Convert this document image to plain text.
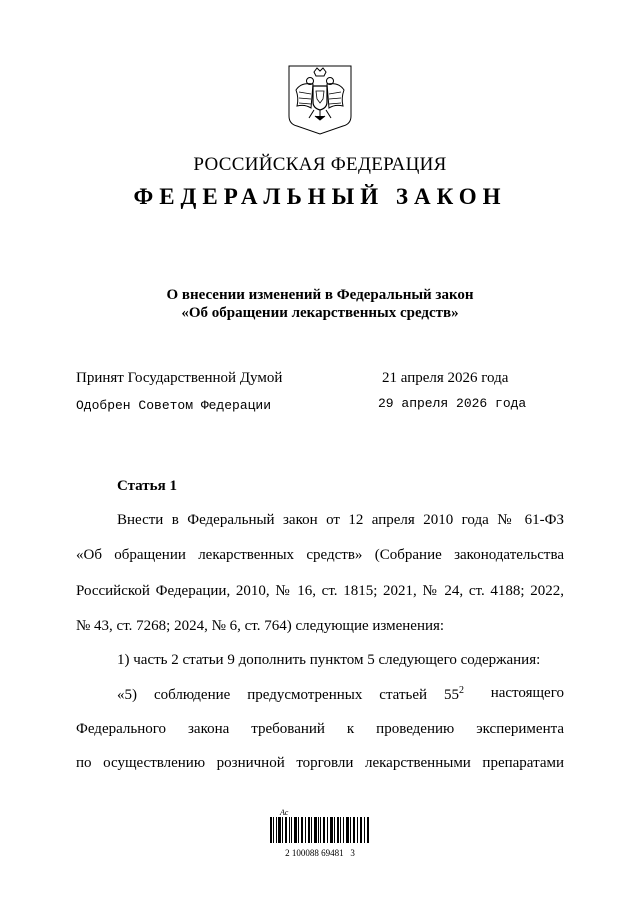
РОССИЙСКАЯ ФЕДЕРАЦИЯ
ФЕДЕРАЛЬНЫЙ ЗАКОН
О внесении изменений в Федеральный закон
«Об обращении лекарственных средств»
Принят Государственной Думой	21 апреля 2026 года
Одобрен Советом Федерации	29 апреля 2026 года
Статья 1
Внести в Федеральный закон от 12 апреля 2010 года № 61-ФЗ
«Об обращении лекарственных средств» (Собрание законодательства
Российской Федерации, 2010, № 16, ст. 1815; 2021, № 24, ст. 4188; 2022,
№ 43, ст. 7268; 2024, № 6, ст. 764) следующие изменения:
1) часть 2 статьи 9 дополнить пунктом 5 следующего содержания:
«5) соблюдение предусмотренных статьей $55^2$ настоящего
Федерального закона требований к проведению эксперимента
по осуществлению розничной торговли лекарственными препаратами
Ас
2 100088 69481   3
